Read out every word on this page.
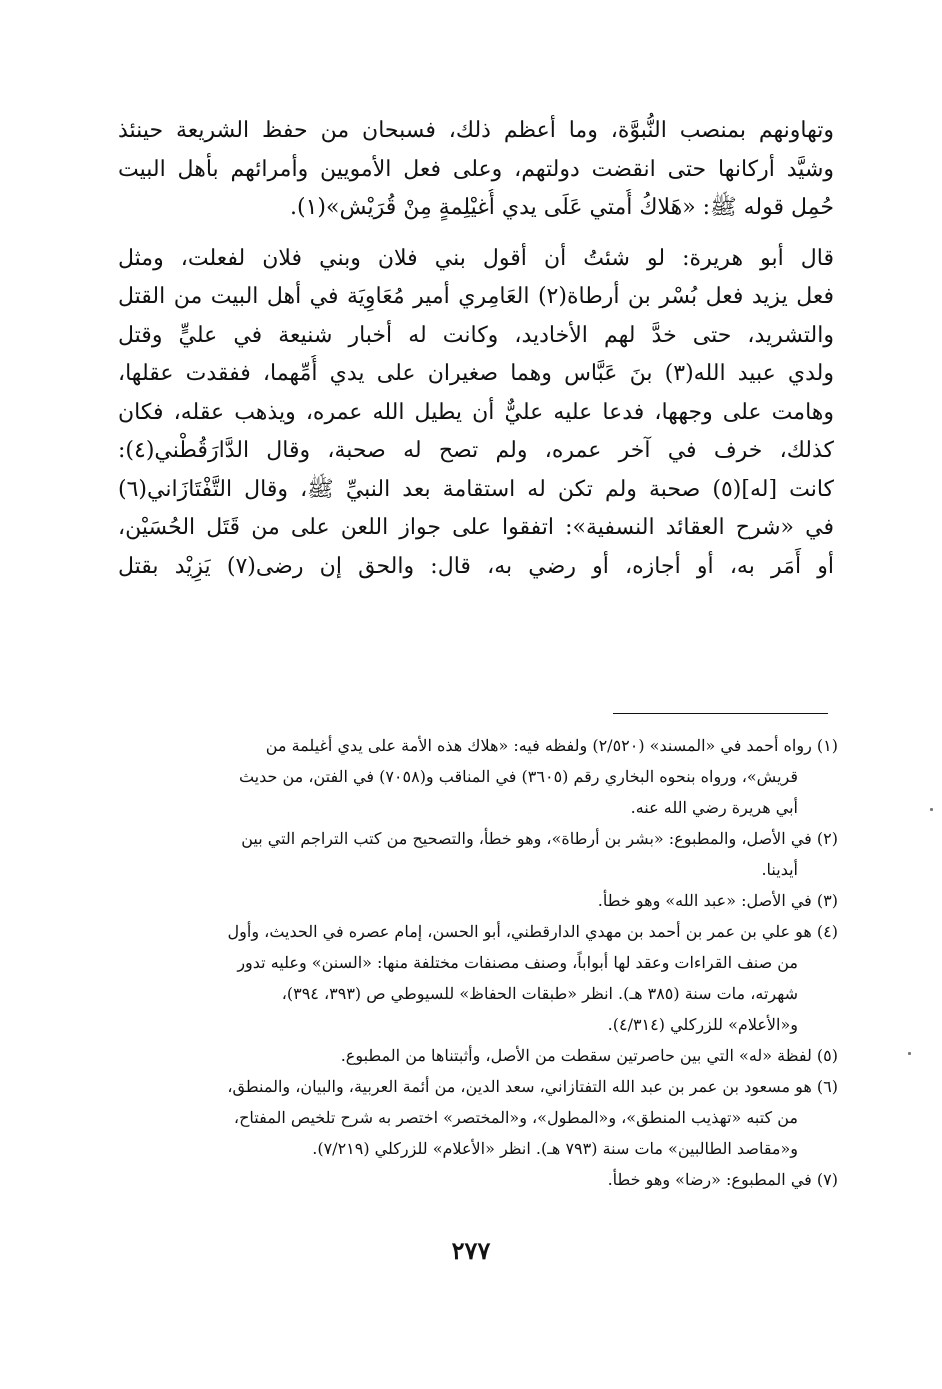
وتهاونهم بمنصب النُّبوَّة، وما أعظم ذلك، فسبحان من حفظ الشريعة حينئذ
وشيَّد أركانها حتى انقضت دولتهم، وعلى فعل الأمويين وأمرائهم بأهل البيت
حُمِل قوله ﷺ: «هَلاكُ أُمتي عَلَى يدي أُغيْلِمةٍ مِنْ قُرَيْش»(١).
قال أبو هريرة: لو شئتُ أن أقول بني فلان وبني فلان لفعلت، ومثل
فعل يزيد فعل بُسْر بن أرطاة(٢) العَامِري أمير مُعَاوِيَة في أهل البيت من القتل
والتشريد، حتى خدَّ لهم الأخاديد، وكانت له أخبار شنيعة في عليٍّ وقتل
ولدي عبيد الله(٣) بنَ عَبَّاس وهما صغيران على يدي أُمِّهما، ففقدت عقلها،
وهامت على وجهها، فدعا عليه عليٌّ أن يطيل الله عمره، ويذهب عقله، فكان
كذلك، خرف في آخر عمره، ولم تصح له صحبة، وقال الدَّارَقُطْني(٤):
كانت [له](٥) صحبة ولم تكن له استقامة بعد النبيِّ ﷺ، وقال التَّفْتَازَاني(٦)
في «شرح العقائد النسفية»: اتفقوا على جواز اللعن على من قَتَل الحُسَيْن،
أو أَمَر به، أو أجازه، أو رضي به، قال: والحق إن رضى(٧) يَزِيْد بقتل
(١) رواه أحمد في «المسند» (٢/٥٢٠) ولفظه فيه: «هلاك هذه الأمة على يدي أغيلمة من
قريش»، ورواه بنحوه البخاري رقم (٣٦٠٥) في المناقب و(٧٠٥٨) في الفتن، من حديث
أبي هريرة رضي الله عنه.
(٢) في الأصل، والمطبوع: «بشر بن أرطاة»، وهو خطأ، والتصحيح من كتب التراجم التي بين
أيدينا.
(٣) في الأصل: «عبد الله» وهو خطأ.
(٤) هو علي بن عمر بن أحمد بن مهدي الدارقطني، أبو الحسن، إمام عصره في الحديث، وأول
من صنف القراءات وعقد لها أبواباً، وصنف مصنفات مختلفة منها: «السنن» وعليه تدور
شهرته، مات سنة (٣٨٥ هـ). انظر «طبقات الحفاظ» للسيوطي ص (٣٩٣، ٣٩٤)،
و«الأعلام» للزركلي (٤/٣١٤).
(٥) لفظة «له» التي بين حاصرتين سقطت من الأصل، وأثبتناها من المطبوع.
(٦) هو مسعود بن عمر بن عبد الله التفتازاني، سعد الدين، من أئمة العربية، والبيان، والمنطق،
من كتبه «تهذيب المنطق»، و«المطول»، و«المختصر» اختصر به شرح تلخيص المفتاح،
و«مقاصد الطالبين» مات سنة (٧٩٣ هـ). انظر «الأعلام» للزركلي (٧/٢١٩).
(٧) في المطبوع: «رضا» وهو خطأ.
٢٧٧
